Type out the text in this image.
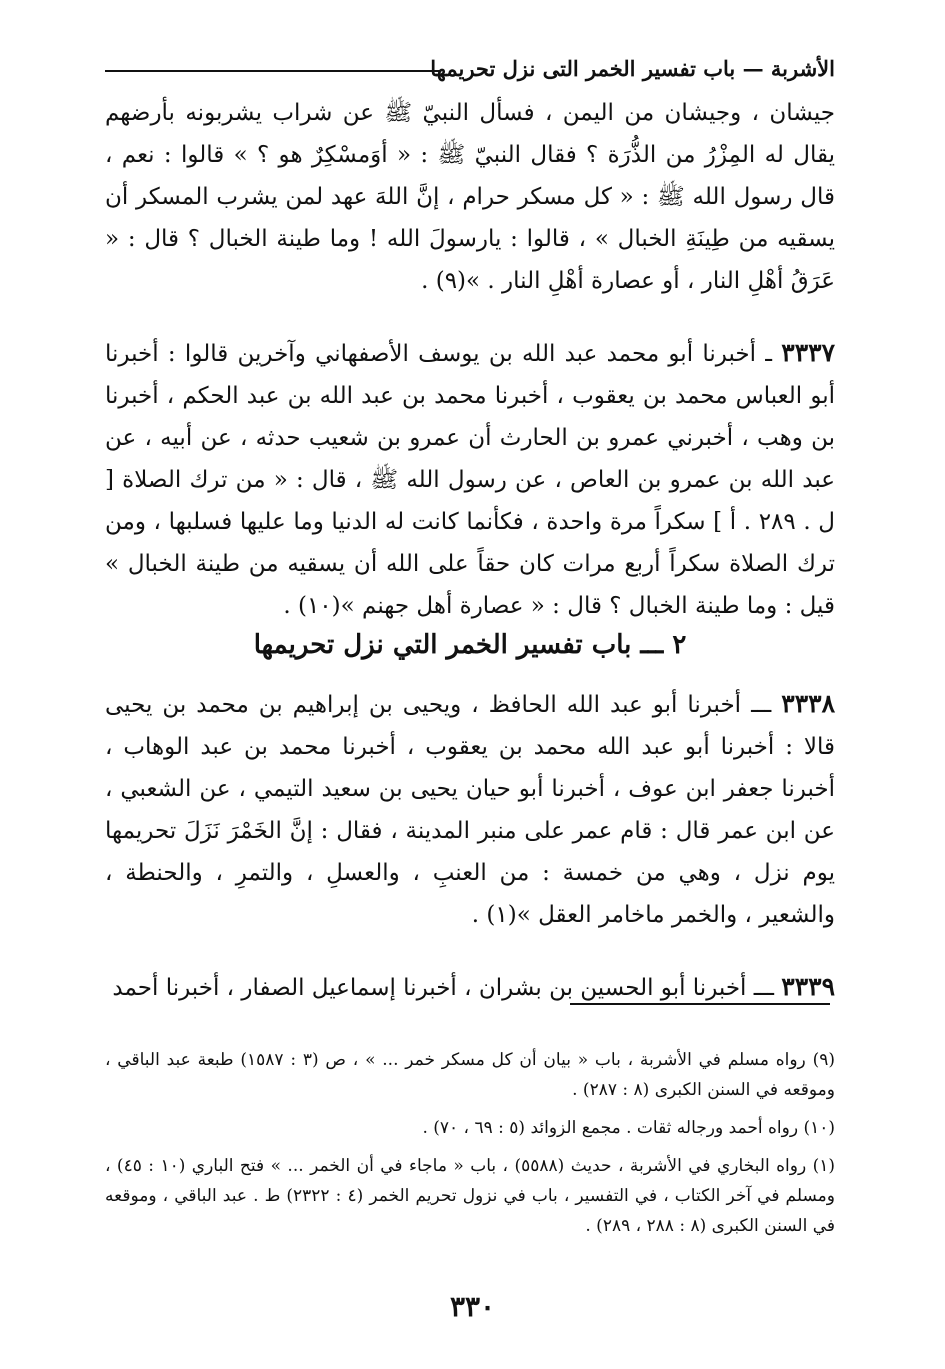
الأشربة — باب تفسير الخمر التى نزل تحريمها

جيشان ، وجيشان من اليمن ، فسأل النبيّ ﷺ عن شراب يشربونه بأرضهم يقال له المِزْرُ من الذُّرَة ؟ فقال النبيّ ﷺ : « أوَمسْكِرٌ هو ؟ » قالوا : نعم ، قال رسول الله ﷺ : « كل مسكر حرام ، إنَّ اللهَ عهد لمن يشرب المسكر أن يسقيه من طِينَةِ الخبال » ، قالوا : يارسولَ الله ! وما طينة الخبال ؟ قال : « عَرَقُ أهْلِ النار ، أو عصارة أهْلِ النار . »(٩) .

٣٣٣٧ ـ أخبرنا أبو محمد عبد الله بن يوسف الأصفهاني وآخرين قالوا : أخبرنا أبو العباس محمد بن يعقوب ، أخبرنا محمد بن عبد الله بن عبد الحكم ، أخبرنا بن وهب ، أخبرني عمرو بن الحارث أن عمرو بن شعيب حدثه ، عن أبيه ، عن عبد الله بن عمرو بن العاص ، عن رسول الله ﷺ ، قال : « من ترك الصلاة [ ل . ٢٨٩ . أ ] سكراً مرة واحدة ، فكأنما كانت له الدنيا وما عليها فسلبها ، ومن ترك الصلاة سكراً أربع مرات كان حقاً على الله أن يسقيه من طينة الخبال » قيل : وما طينة الخبال ؟ قال : « عصارة أهل جهنم »(١٠) .

٢ ـــ باب تفسير الخمر التي نزل تحريمها

٣٣٣٨ ـــ أخبرنا أبو عبد الله الحافظ ، ويحيى بن إبراهيم بن محمد بن يحيى قالا : أخبرنا أبو عبد الله محمد بن يعقوب ، أخبرنا محمد بن عبد الوهاب ، أخبرنا جعفر ابن عوف ، أخبرنا أبو حيان يحيى بن سعيد التيمي ، عن الشعبي ، عن ابن عمر قال : قام عمر على منبر المدينة ، فقال : إنَّ الخَمْرَ نَزَلَ تحريمها يوم نزل ، وهي من خمسة : من العنبِ ، والعسلِ ، والتمرِ ، والحنطة ، والشعير ، والخمر ماخامر العقل »(١) .

٣٣٣٩ ـــ أخبرنا أبو الحسين بن بشران ، أخبرنا إسماعيل الصفار ، أخبرنا أحمد

(٩) رواه مسلم في الأشربة ، باب « بيان أن كل مسكر خمر ... » ، ص (٣ : ١٥٨٧) طبعة عبد الباقي ، وموقعه في السنن الكبرى (٨ : ٢٨٧) .

(١٠) رواه أحمد ورجاله ثقات . مجمع الزوائد (٥ : ٦٩ ، ٧٠) .

(١) رواه البخاري في الأشربة ، حديث (٥٥٨٨) ، باب « ماجاء في أن الخمر ... » فتح الباري (١٠ : ٤٥) ، ومسلم في آخر الكتاب ، في التفسير ، باب في نزول تحريم الخمر (٤ : ٢٣٢٢) ط . عبد الباقي ، وموقعه في السنن الكبرى (٨ : ٢٨٨ ، ٢٨٩) .

٣٣٠
